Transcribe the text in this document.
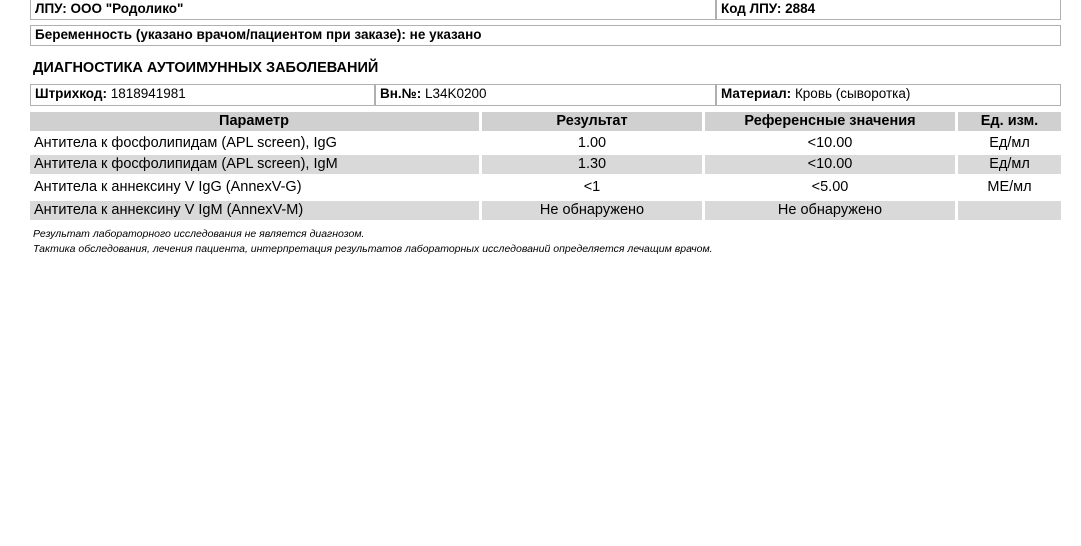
ЛПУ: ООО "Родолико"	Код ЛПУ: 2884
Беременность (указано врачом/пациентом при заказе): не указано
ДИАГНОСТИКА АУТОИМУННЫХ ЗАБОЛЕВАНИЙ
Штрихкод: 1818941981	Вн.№: L34K0200	Материал: Кровь (сыворотка)
Параметр	Результат	Референсные значения	Ед. изм.
Антитела к фосфолипидам (APL screen), IgG	1.00	<10.00	Ед/мл
Антитела к фосфолипидам (APL screen), IgM	1.30	<10.00	Ед/мл
Антитела к аннексину V IgG (AnnexV-G)	<1	<5.00	МЕ/мл
Антитела к аннексину V IgM (AnnexV-M)	Не обнаружено	Не обнаружено
Результат лабораторного исследования не является диагнозом.
Тактика обследования, лечения пациента, интерпретация результатов лабораторных исследований определяется лечащим врачом.
